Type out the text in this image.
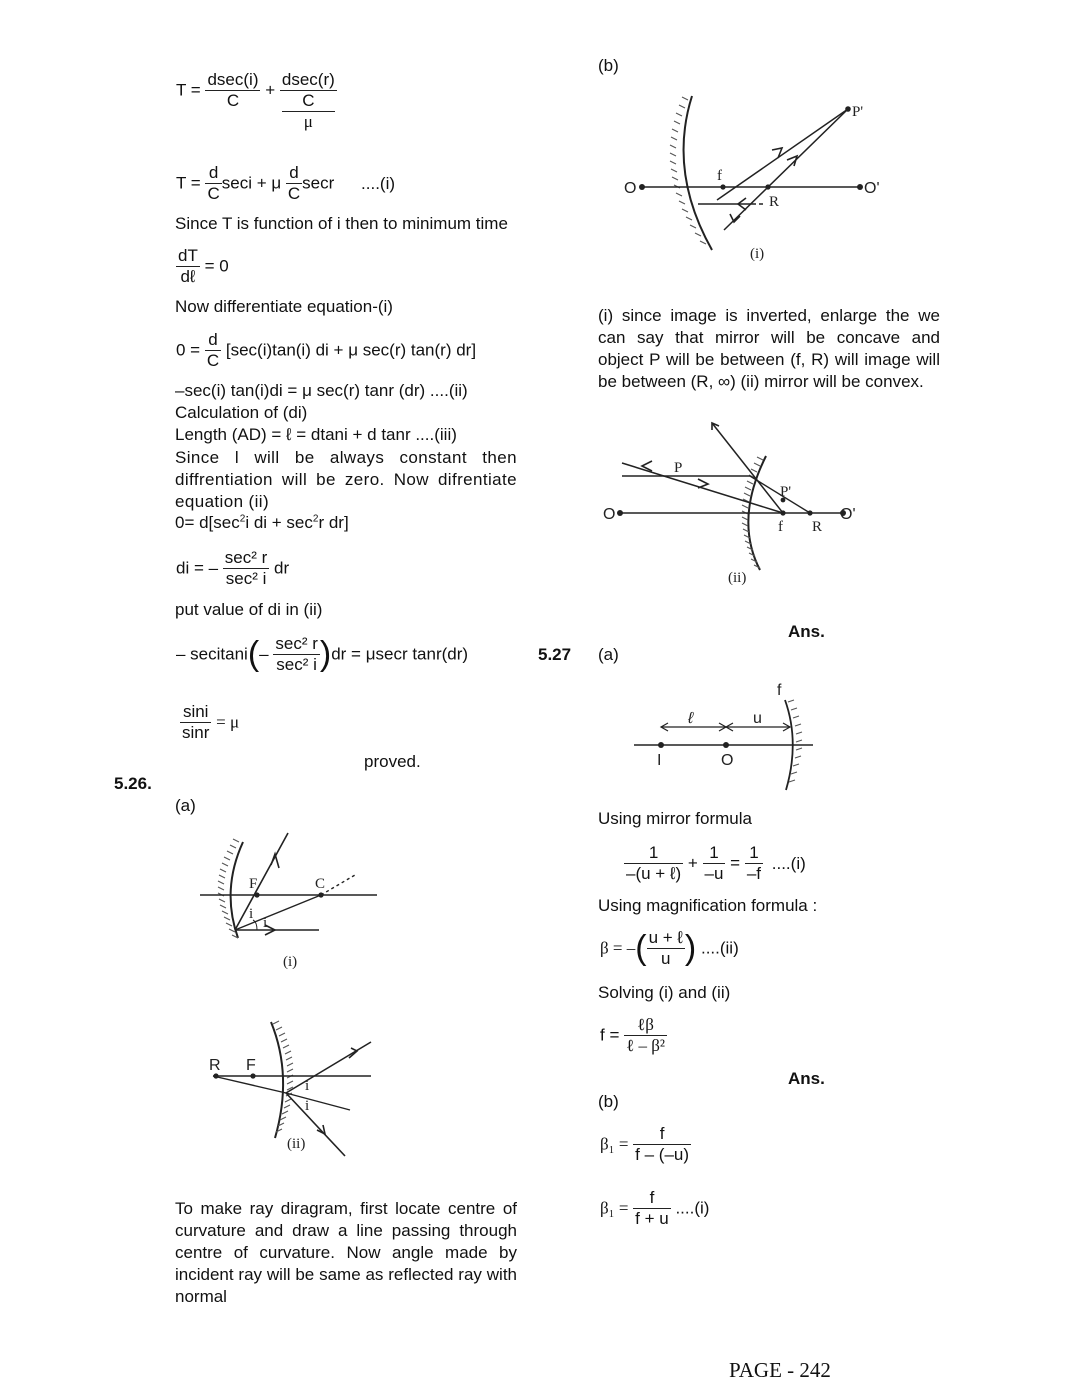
$T = \frac{dsec(i)}{C} + dsec(r)$
C
μ
$T = \frac{d}{C}$ seci + μ $\frac{d}{C}$ secr ....(i)
Since T is function of i then to minimum time
$\frac{dT}{\text{dℓ}} = 0$
Now differentiate equation-(i)
$0 = \frac{d}{C} [\sec(i)\tan(i)$ di + μ sec(r) tan(r) dr]
–sec(i) tan(i)di = μ sec(r) tanr (dr) ....(ii)
Calculation of (di)
Length (AD) = ℓ = dtani + d tanr ....(iii)
Since l will be always constant then diffrentiation will be zero. Now difrentiate equation (ii)
$0= d[\sec^2i$ di + $\sec^2r$ dr]
di = – $\frac{\text{sec² r}}{\text{sec² i}}$ dr
put value of di in (ii)
– secitani(– $\frac{\text{sec² r}}{\text{sec² i}} )dr = \mu\sec r$ tanr(dr)
$\frac{\sin i}{\sin r} = \mu$
proved.
5.26.
(a)
F	C
i
i
(i)
R F
i
i
(ii)
To make ray diragram, first locate centre of curvature and draw a line passing through centre of curvature. Now angle made by incident ray will be same as reflected ray with normal
(b)
P'
O	O'
f
R
(i)
(i) since image is inverted, enlarge the we can say that mirror will be concave and object P will be between (f, R) will image will be between (R, ∞) (ii) mirror will be convex.
P
P'
O	O'
f R
(ii)
Ans.
5.27 (a)
f
ℓ	u
I	O
Using mirror formula
$\frac{1}{\text{–(u + ℓ)}} + \frac{1}{-u} = \frac{1}{-f} ....(i)$
Using magnification formula :
β = –( $\frac{\text{u + ℓ}}{u}$ ) ....(ii)
Solving (i) and (ii)
$f = \frac{\text{ℓβ}}{\text{ℓ – β²}}$
Ans.
(b)
$\beta_1 = \frac{f}{f - (-u)}$
$\beta_1 = \frac{f}{f + u} ....(i)$
PAGE - 242
